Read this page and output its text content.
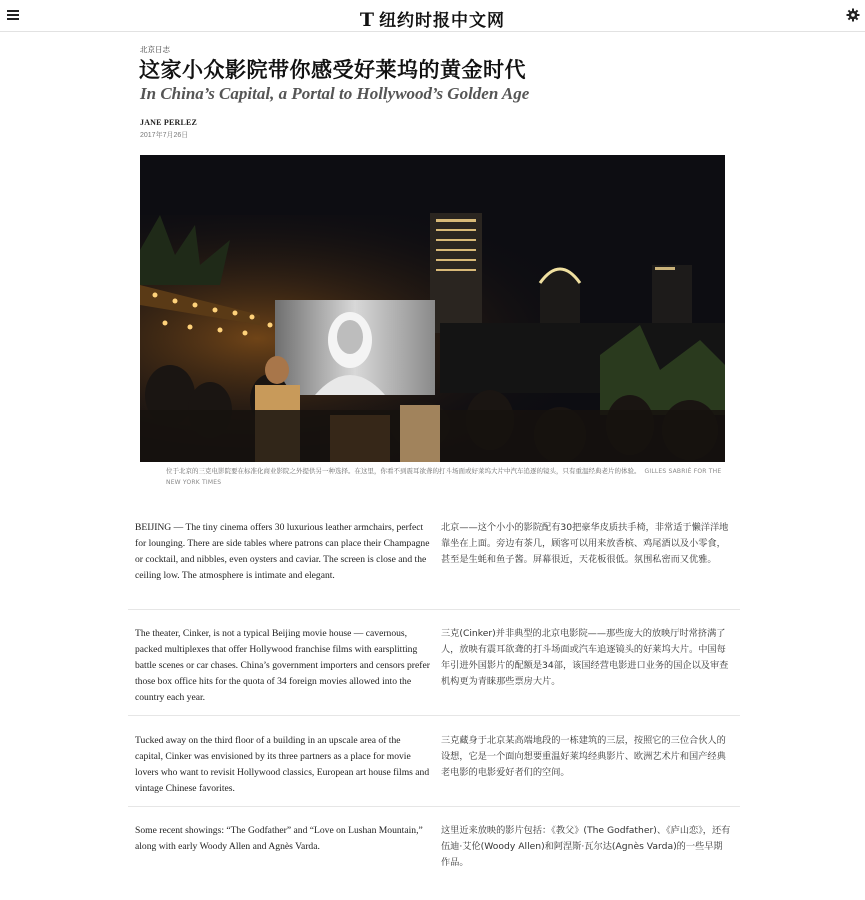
T 纽约时报中文网
北京日志
这家小众影院带你感受好莱坞的黄金时代
In China’s Capital, a Portal to Hollywood’s Golden Age
JANE PERLEZ
2017年7月26日
位于北京的三克电影院要在标准化商业影院之外提供另一种选择。在这里，你看不到震耳欲聋的打斗场面或好莱坞大片中汽车追逐的镜头，只有重温经典老片的体验。 GILLES SABRIÉ FOR THE NEW YORK TIMES

BEIJING — The tiny cinema offers 30 luxurious leather armchairs, perfect for lounging. There are side tables where patrons can place their Champagne or cocktail, and nibbles, even oysters and caviar. The screen is close and the ceiling low. The atmosphere is intimate and elegant.

北京——这个小小的影院配有30把豪华皮质扶手椅，非常适于懒洋洋地靠坐在上面。旁边有茶几，顾客可以用来放香槟、鸡尾酒以及小零食，甚至是生蚝和鱼子酱。屏幕很近，天花板很低。氛围私密而又优雅。

The theater, Cinker, is not a typical Beijing movie house — cavernous, packed multiplexes that offer Hollywood franchise films with earsplitting battle scenes or car chases. China’s government importers and censors prefer those box office hits for the quota of 34 foreign movies allowed into the country each year.

三克(Cinker)并非典型的北京电影院——那些庞大的放映厅时常挤满了人，放映有震耳欲聋的打斗场面或汽车追逐镜头的好莱坞大片。中国每年引进外国影片的配额是34部，该国经营电影进口业务的国企以及审查机构更为青睐那些票房大片。

Tucked away on the third floor of a building in an upscale area of the capital, Cinker was envisioned by its three partners as a place for movie lovers who want to revisit Hollywood classics, European art house films and vintage Chinese favorites.

三克藏身于北京某高端地段的一栋建筑的三层，按照它的三位合伙人的设想，它是一个面向想要重温好莱坞经典影片、欧洲艺术片和国产经典老电影的电影爱好者们的空间。

Some recent showings: “The Godfather” and “Love on Lushan Mountain,” along with early Woody Allen and Agnès Varda.

这里近来放映的影片包括：《教父》(The Godfather)、《庐山恋》，还有伍迪·艾伦(Woody Allen)和阿涅斯·瓦尔达(Agnès Varda)的一些早期作品。
